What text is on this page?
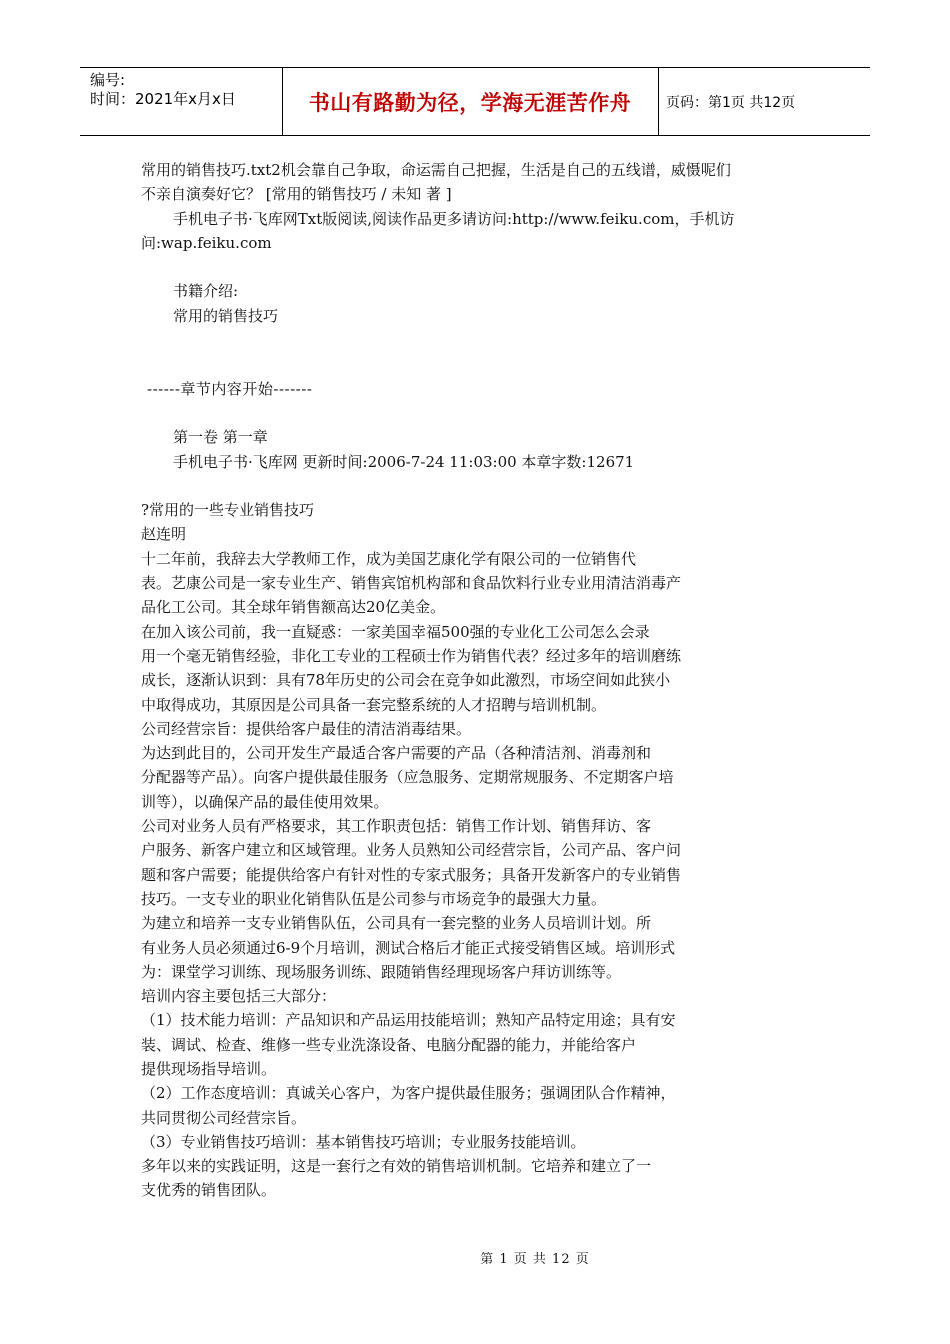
编号:
时间：2021年x月x日	书山有路勤为径，学海无涯苦作舟 页码：第1页 共12页
常用的销售技巧.txt2机会靠自己争取，命运需自己把握，生活是自己的五线谱，威慑呢们
不亲自演奏好它？ [常用的销售技巧 / 未知 著 ]
手机电子书·飞库网Txt版阅读,阅读作品更多请访问:http://www.feiku.com，手机访
问:wap.feiku.com
书籍介绍:
常用的销售技巧
------章节内容开始-------
第一卷 第一章
手机电子书·飞库网 更新时间:2006-7-24 11:03:00 本章字数:12671
?常用的一些专业销售技巧
赵连明
十二年前，我辞去大学教师工作，成为美国艺康化学有限公司的一位销售代
表。艺康公司是一家专业生产、销售宾馆机构部和食品饮料行业专业用清洁消毒产
品化工公司。其全球年销售额高达20亿美金。
在加入该公司前，我一直疑惑：一家美国幸福500强的专业化工公司怎么会录
用一个毫无销售经验，非化工专业的工程硕士作为销售代表？经过多年的培训磨练
成长，逐渐认识到：具有78年历史的公司会在竞争如此激烈，市场空间如此狭小
中取得成功，其原因是公司具备一套完整系统的人才招聘与培训机制。
公司经营宗旨：提供给客户最佳的清洁消毒结果。
为达到此目的，公司开发生产最适合客户需要的产品（各种清洁剂、消毒剂和
分配器等产品）。向客户提供最佳服务（应急服务、定期常规服务、不定期客户培
训等），以确保产品的最佳使用效果。
公司对业务人员有严格要求，其工作职责包括：销售工作计划、销售拜访、客
户服务、新客户建立和区域管理。业务人员熟知公司经营宗旨，公司产品、客户问
题和客户需要；能提供给客户有针对性的专家式服务；具备开发新客户的专业销售
技巧。一支专业的职业化销售队伍是公司参与市场竞争的最强大力量。
为建立和培养一支专业销售队伍，公司具有一套完整的业务人员培训计划。所
有业务人员必须通过6-9个月培训，测试合格后才能正式接受销售区域。培训形式
为：课堂学习训练、现场服务训练、跟随销售经理现场客户拜访训练等。
培训内容主要包括三大部分：
（1）技术能力培训：产品知识和产品运用技能培训；熟知产品特定用途；具有安
装、调试、检查、维修一些专业洗涤设备、电脑分配器的能力，并能给客户
提供现场指导培训。
（2）工作态度培训：真诚关心客户，为客户提供最佳服务；强调团队合作精神，
共同贯彻公司经营宗旨。
（3）专业销售技巧培训：基本销售技巧培训；专业服务技能培训。
多年以来的实践证明，这是一套行之有效的销售培训机制。它培养和建立了一
支优秀的销售团队。
第 1 页 共 12 页
